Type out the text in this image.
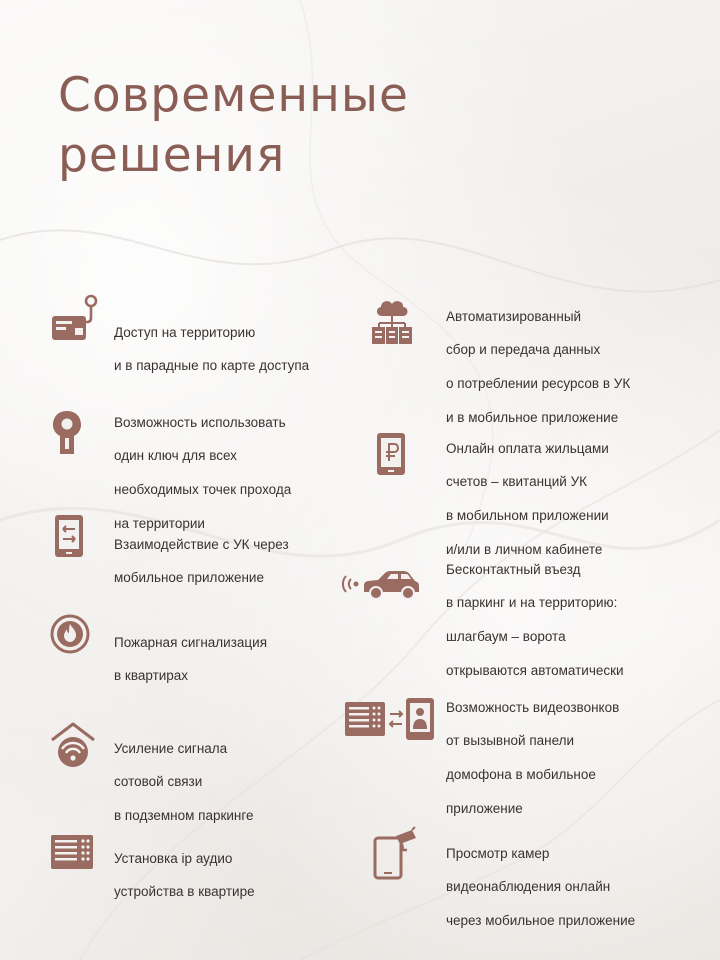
Современные
решения

Доступ на территорию

и в парадные по карте доступа

Возможность использовать

один ключ для всех

необходимых точек прохода

на территории

Взаимодействие с УК через

мобильное приложение

Пожарная сигнализация

в квартирах

Усиление сигнала

сотовой связи

в подземном паркинге

Установка ip аудио

устройства в квартире

Автоматизированный

сбор и передача данных

о потреблении ресурсов в УК

и в мобильное приложение

Онлайн оплата жильцами

счетов – квитанций УК

в мобильном приложении

и/или в личном кабинете

Бесконтактный въезд

в паркинг и на территорию:

шлагбаум – ворота

открываются автоматически

Возможность видеозвонков

от вызывной панели

домофона в мобильное

приложение

Просмотр камер

видеонаблюдения онлайн

через мобильное приложение
